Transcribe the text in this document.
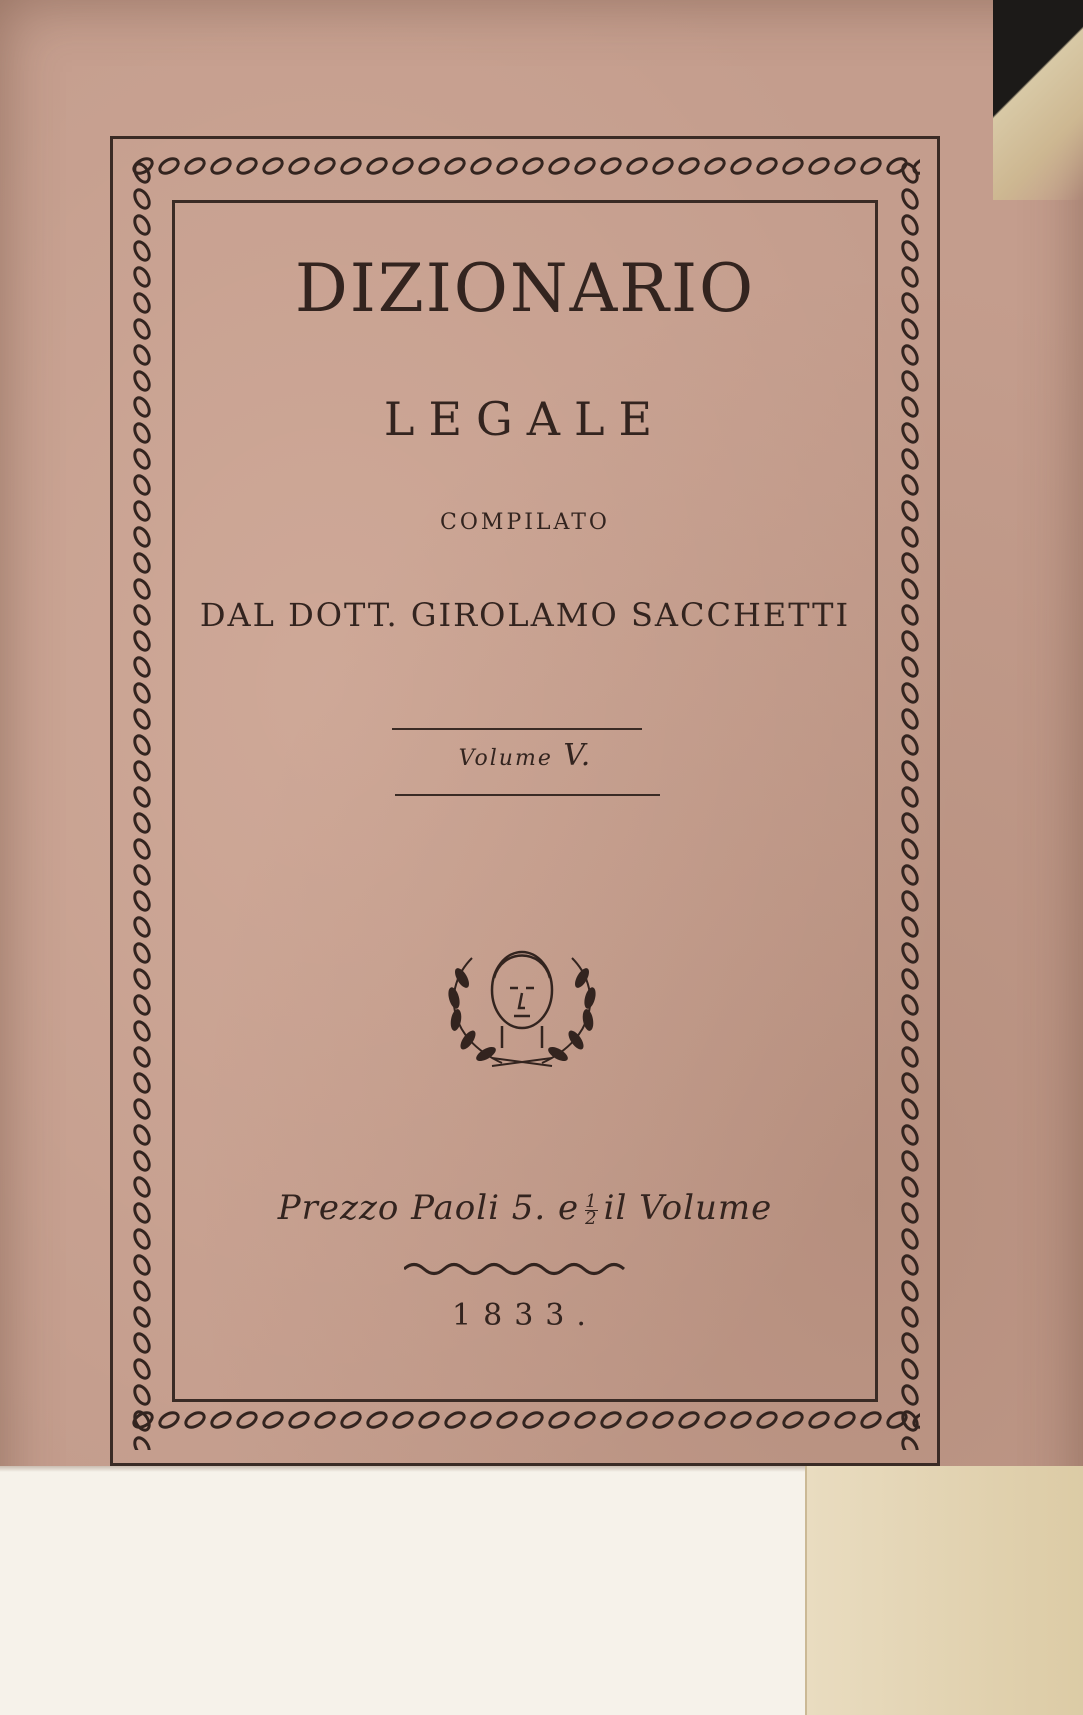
DIZIONARIO
LEGALE
COMPILATO
DAL DOTT. GIROLAMO SACCHETTI
Volume V.
Prezzo Paoli 5. e $\frac{1}{2}$ il Volume
1833.
